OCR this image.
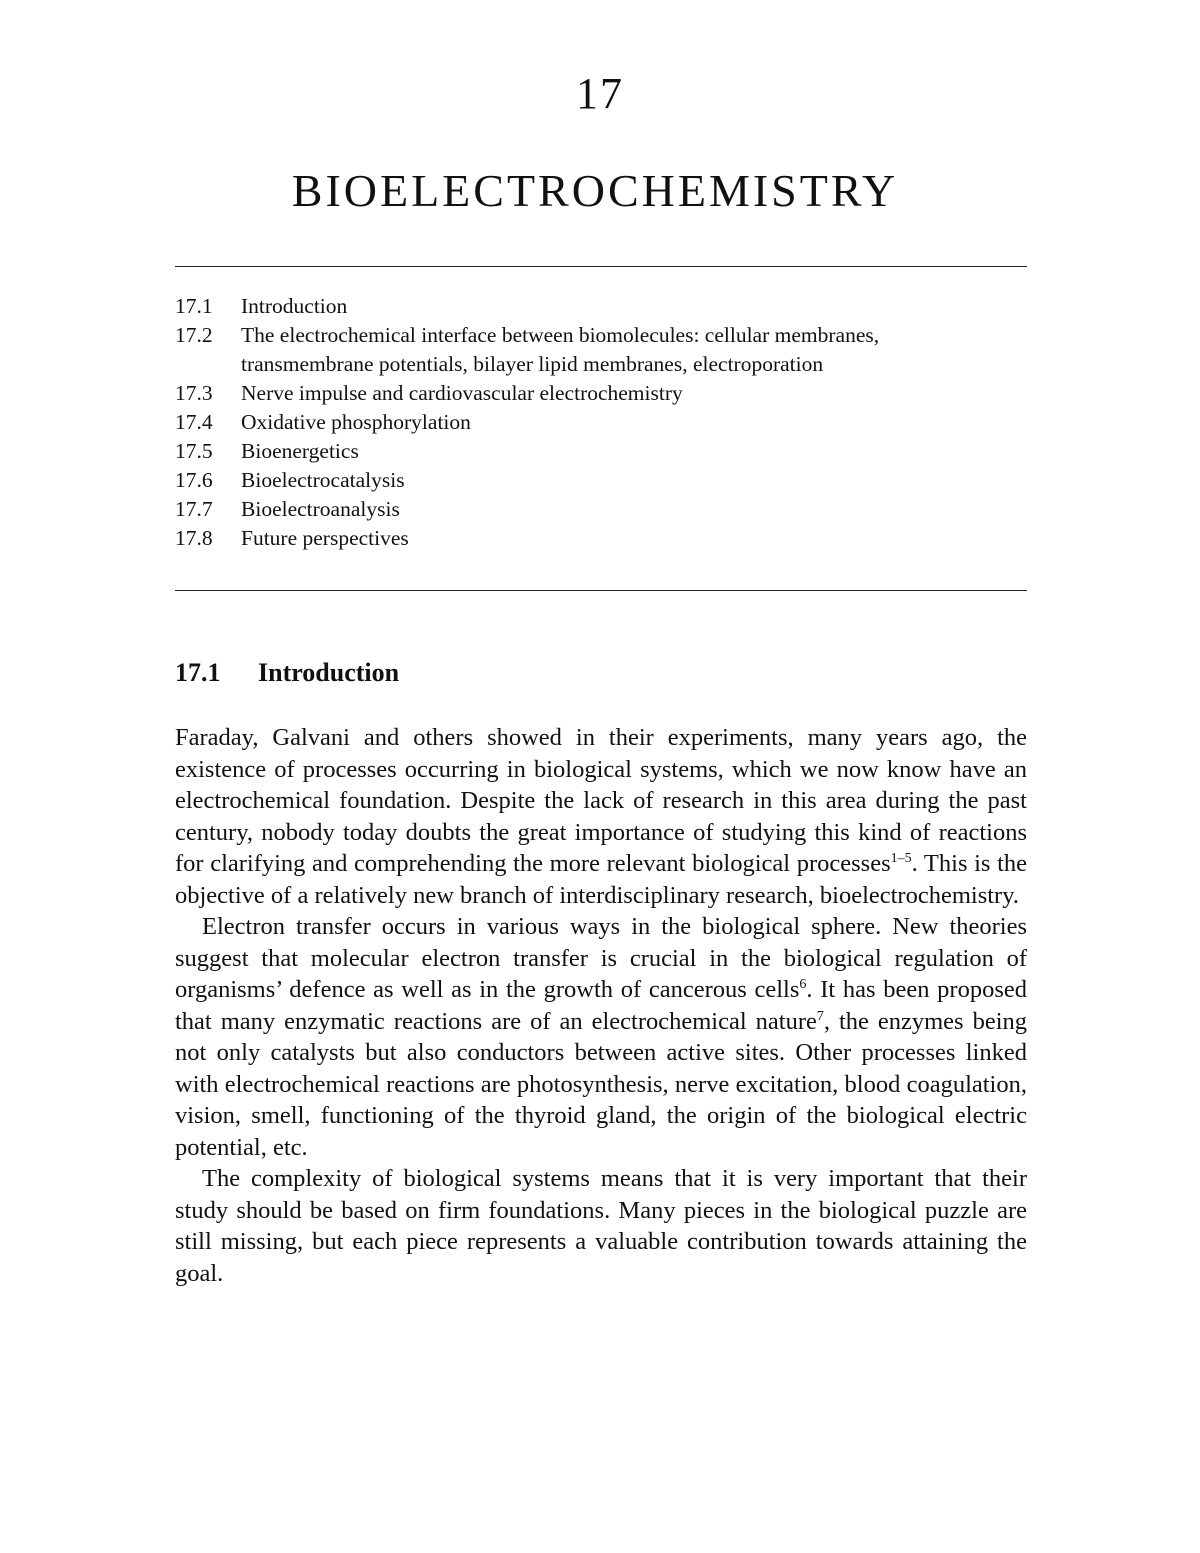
17
BIOELECTROCHEMISTRY
17.1	Introduction
17.2	The electrochemical interface between biomolecules: cellular membranes,
transmembrane potentials, bilayer lipid membranes, electroporation
17.3	Nerve impulse and cardiovascular electrochemistry
17.4	Oxidative phosphorylation
17.5	Bioenergetics
17.6	Bioelectrocatalysis
17.7	Bioelectroanalysis
17.8	Future perspectives
17.1 Introduction

Faraday, Galvani and others showed in their experiments, many years ago, the existence of processes occurring in biological systems, which we now know have an electrochemical foundation. Despite the lack of research in this area during the past century, nobody today doubts the great importance of studying this kind of reactions for clarifying and comprehending the more relevant biological processes$^{1-5}$. This is the objective of a relatively new branch of interdisciplinary research, bioelectrochemistry.

Electron transfer occurs in various ways in the biological sphere. New theories suggest that molecular electron transfer is crucial in the biological regulation of organisms’ defence as well as in the growth of cancerous cells$^6$. It has been proposed that many enzymatic reactions are of an electrochemical nature$^7$, the enzymes being not only catalysts but also conductors between active sites. Other processes linked with electrochemical reactions are photosynthesis, nerve excitation, blood coagulation, vision, smell, functioning of the thyroid gland, the origin of the biological electric potential, etc.

The complexity of biological systems means that it is very important that their study should be based on firm foundations. Many pieces in the biological puzzle are still missing, but each piece represents a valuable contribution towards attaining the goal.
